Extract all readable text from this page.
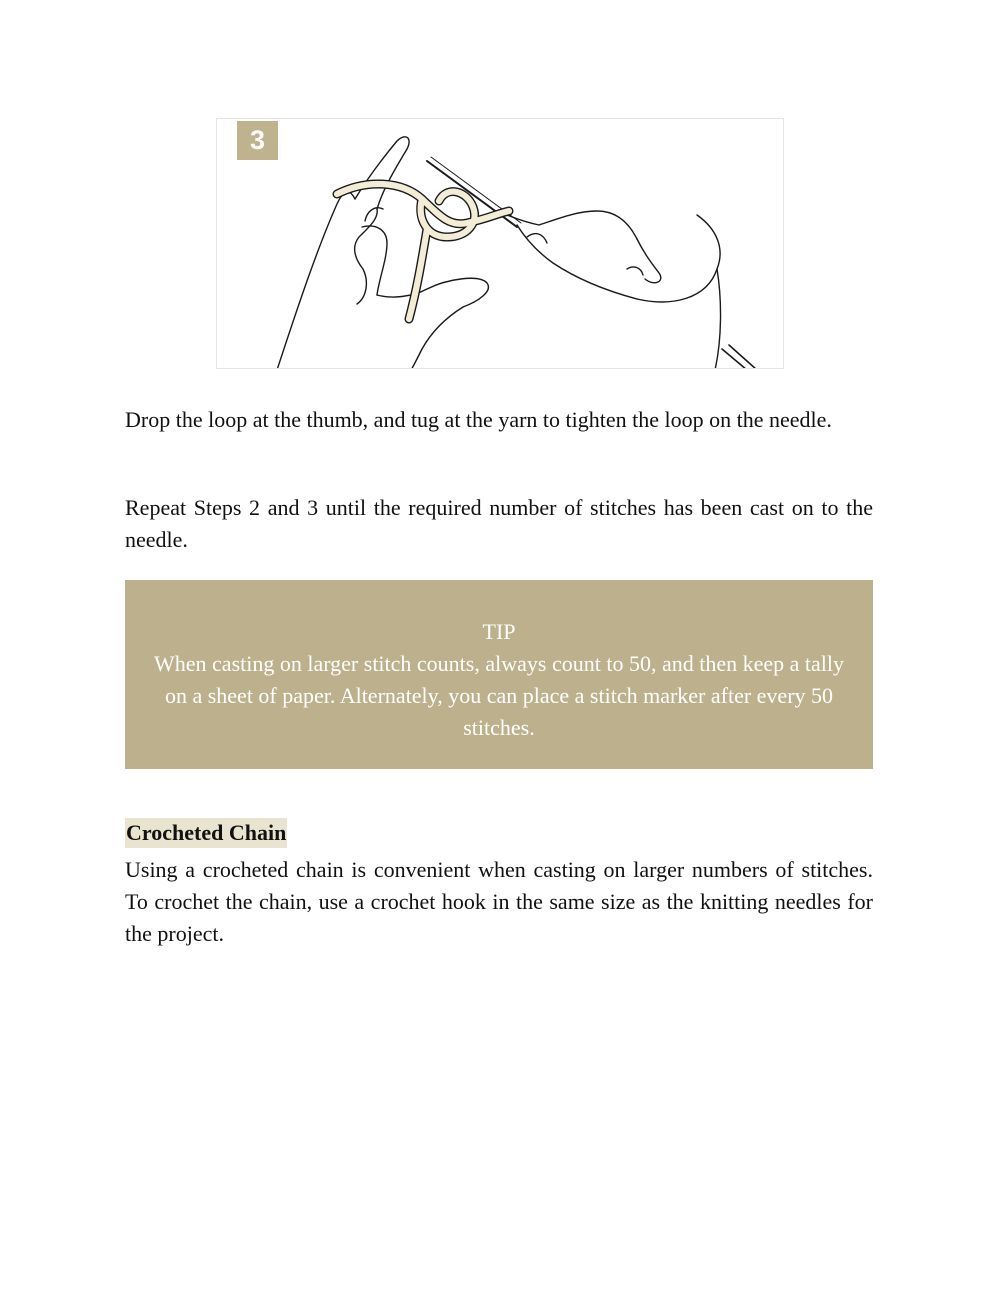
3

Drop the loop at the thumb, and tug at the yarn to tighten the loop on the needle.

Repeat Steps 2 and 3 until the required number of stitches has been cast on to the needle.

TIP
When casting on larger stitch counts, always count to 50, and then keep a tally on a sheet of paper. Alternately, you can place a stitch marker after every 50 stitches.
Crocheted Chain

Using a crocheted chain is convenient when casting on larger numbers of stitches. To crochet the chain, use a crochet hook in the same size as the knitting needles for the project.
